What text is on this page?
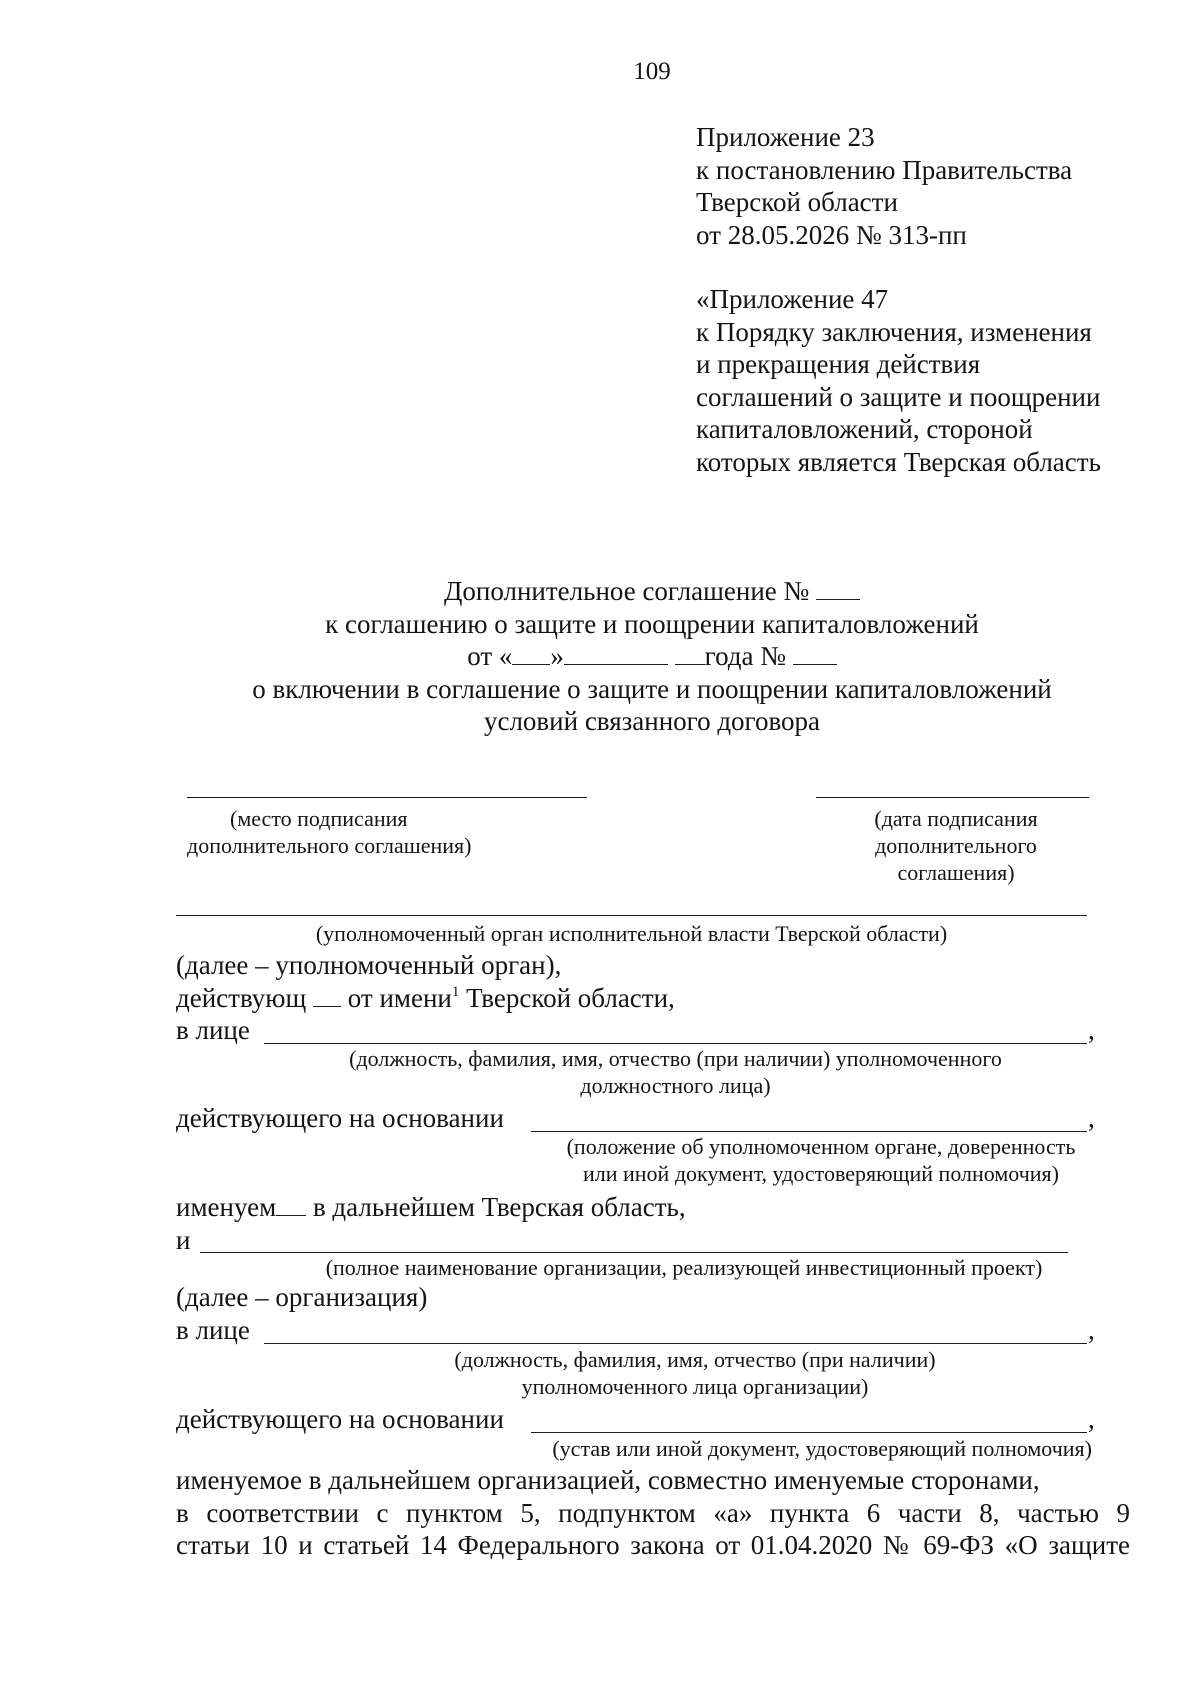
109
Приложение 23
к постановлению Правительства
Тверской области
от 28.05.2026 № 313-пп
«Приложение 47
к Порядку заключения, изменения
и прекращения действия
соглашений о защите и поощрении
капиталовложений, стороной
которых является Тверская область
Дополнительное соглашение №
к соглашению о защите и поощрении капиталовложений
от « »	года №
о включении в соглашение о защите и поощрении капиталовложений
условий связанного договора
(место подписания
дополнительного соглашения)
(дата подписания
дополнительного
соглашения)
(уполномоченный орган исполнительной власти Тверской области)
(далее – уполномоченный орган),
действующ от имени$^1$ Тверской области,
в лице	,
(должность, фамилия, имя, отчество (при наличии) уполномоченного
должностного лица)
действующего на основании	,
(положение об уполномоченном органе, доверенность
или иной документ, удостоверяющий полномочия)
именуем в дальнейшем Тверская область,
и
(полное наименование организации, реализующей инвестиционный проект)
(далее – организация)
в лице	,
(должность, фамилия, имя, отчество (при наличии)
уполномоченного лица организации)
действующего на основании	,
(устав или иной документ, удостоверяющий полномочия)
именуемое в дальнейшем организацией, совместно именуемые сторонами,
в соответствии с пунктом 5, подпунктом «а» пункта 6 части 8, частью 9
статьи 10 и статьей 14 Федерального закона от 01.04.2020 № 69-ФЗ «О защите
